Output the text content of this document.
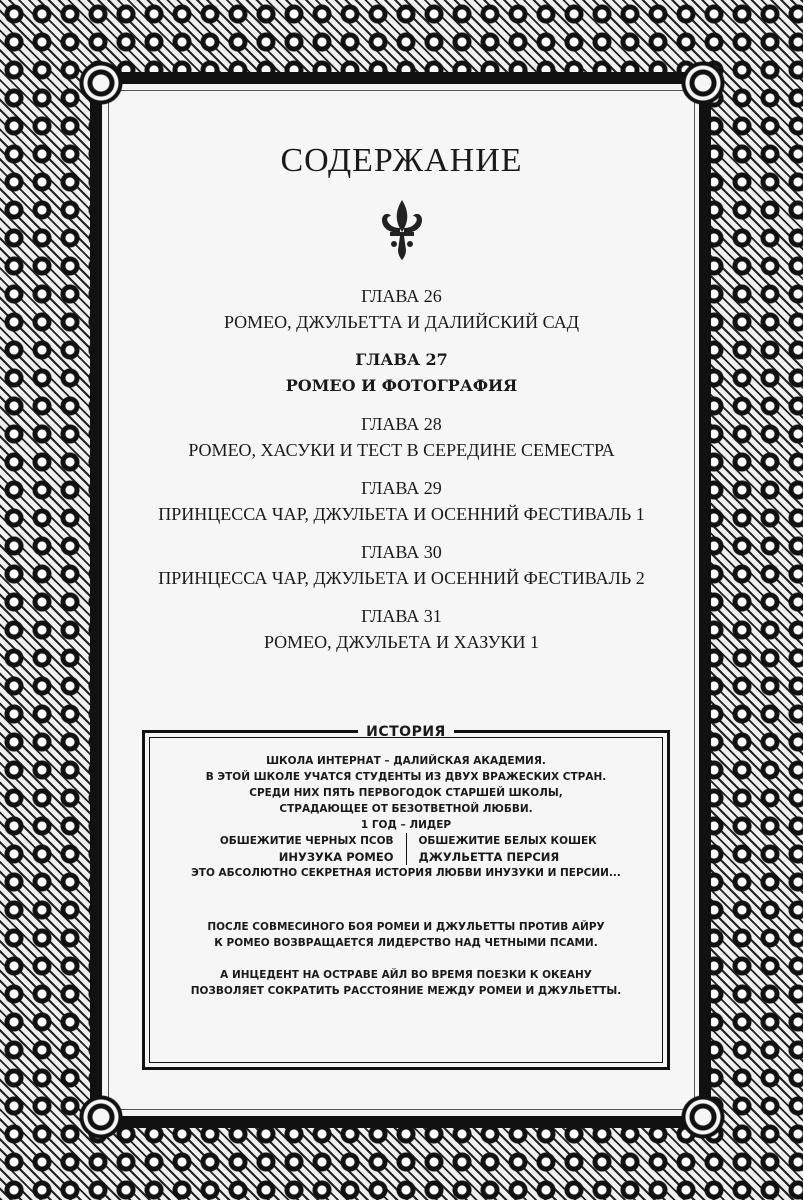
СОДЕРЖАНИЕ
ГЛАВА 26
РОМЕО, ДЖУЛЬЕТТА И ДАЛИЙСКИЙ САД
ГЛАВА 27
РОМЕО И ФОТОГРАФИЯ
ГЛАВА 28
РОМЕО, ХАСУКИ И ТЕСТ В СЕРЕДИНЕ СЕМЕСТРА
ГЛАВА 29
ПРИНЦЕССА ЧАР, ДЖУЛЬЕТА И ОСЕННИЙ ФЕСТИВАЛЬ 1
ГЛАВА 30
ПРИНЦЕССА ЧАР, ДЖУЛЬЕТА И ОСЕННИЙ ФЕСТИВАЛЬ 2
ГЛАВА 31
РОМЕО, ДЖУЛЬЕТА И ХАЗУКИ 1
ИСТОРИЯ
ШКОЛА ИНТЕРНАТ – ДАЛИЙСКАЯ АКАДЕМИЯ.
В ЭТОЙ ШКОЛЕ УЧАТСЯ СТУДЕНТЫ ИЗ ДВУХ ВРАЖЕСКИХ СТРАН.
СРЕДИ НИХ ПЯТЬ ПЕРВОГОДОК СТАРШЕЙ ШКОЛЫ,
СТРАДАЮЩЕЕ ОТ БЕЗОТВЕТНОЙ ЛЮБВИ.
1 ГОД – ЛИДЕР
ОБШЕЖИТИЕ ЧЕРНЫХ ПСОВ
ИНУЗУКА РОМЕО
ОБШЕЖИТИЕ БЕЛЫХ КОШЕК
ДЖУЛЬЕТТА ПЕРСИЯ
ЭТО АБСОЛЮТНО СЕКРЕТНАЯ ИСТОРИЯ ЛЮБВИ ИНУЗУКИ И ПЕРСИИ...
ПОСЛЕ СОВМЕСИНОГО БОЯ РОМЕИ И ДЖУЛЬЕТТЫ ПРОТИВ АЙРУ
К РОМЕО ВОЗВРАЩАЕТСЯ ЛИДЕРСТВО НАД ЧЕТНЫМИ ПСАМИ.
А ИНЦЕДЕНТ НА ОСТРАВЕ АЙЛ ВО ВРЕМЯ ПОЕЗКИ К ОКЕАНУ
ПОЗВОЛЯЕТ СОКРАТИТЬ РАССТОЯНИЕ МЕЖДУ РОМЕИ И ДЖУЛЬЕТТЫ.
